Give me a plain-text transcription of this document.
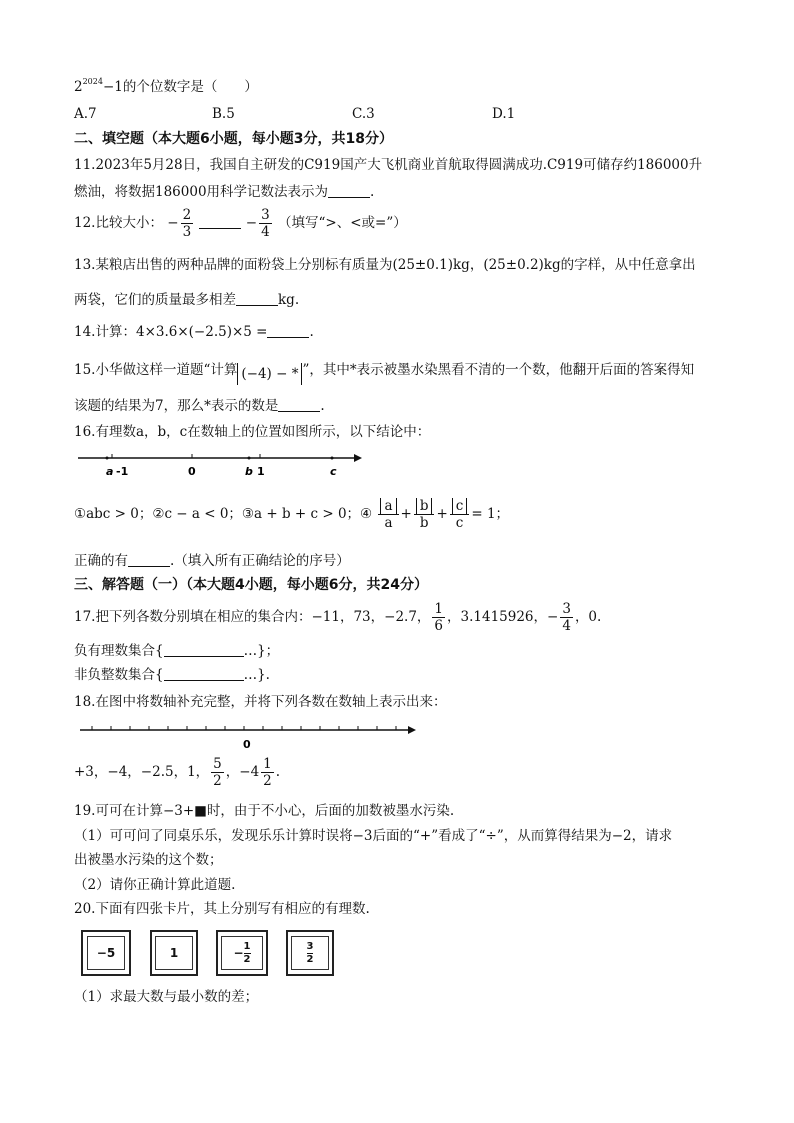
$2^{2024}-1$的个位数字是（　　）
A.7	B.5	C.3	D.1
二、填空题（本大题6小题，每小题3分，共18分）
11.2023年5月28日，我国自主研发的C919国产大飞机商业首航取得圆满成功.C919可储存约186000升
燃油，将数据186000用科学记数法表示为	.
12.比较大小： − $\frac{2}{3}$	− $\frac{3}{4}$ （填写“>、<或=”）
13.某粮店出售的两种品牌的面粉袋上分别标有质量为(25±0.1)kg，(25±0.2)kg的字样，从中任意拿出
两袋，它们的质量最多相差	kg.
14.计算：4×3.6×(−2.5)×5 =	.
15.小华做这样一道题“计算 (−4) − * ”，其中*表示被墨水染黑看不清的一个数，他翻开后面的答案得知
该题的结果为7，那么*表示的数是	.
16.有理数a，b，c在数轴上的位置如图所示，以下结论中：
a -1	0	b 1	c
①abc > 0；②c − a < 0；③a + b + c > 0；④ $\frac{a}{a} + \frac{b}{b} + \frac{c}{c} = 1$；
正确的有	.（填入所有正确结论的序号）
三、解答题（一）（本大题4小题，每小题6分，共24分）
17.把下列各数分别填在相应的集合内：−11，73，−2.7， $\frac{1}{6}$ ，3.1415926，− $\frac{3}{4}$ ，0.
负有理数集合{	…}；
非负整数集合{	…}.
18.在图中将数轴补充完整，并将下列各数在数轴上表示出来：
0
+3，−4，−2.5，1， $\frac{5}{2}$ ，$-4 \frac{1}{2}$ .
19.可可在计算−3+■时，由于不小心，后面的加数被墨水污染.
（1）可可问了同桌乐乐，发现乐乐计算时误将−3后面的“+”看成了“÷”，从而算得结果为−2，请求
出被墨水污染的这个数；
（2）请你正确计算此道题.
20.下面有四张卡片，其上分别写有相应的有理数.
−5	1	− $\frac{1}{2}$	3
2
（1）求最大数与最小数的差；
